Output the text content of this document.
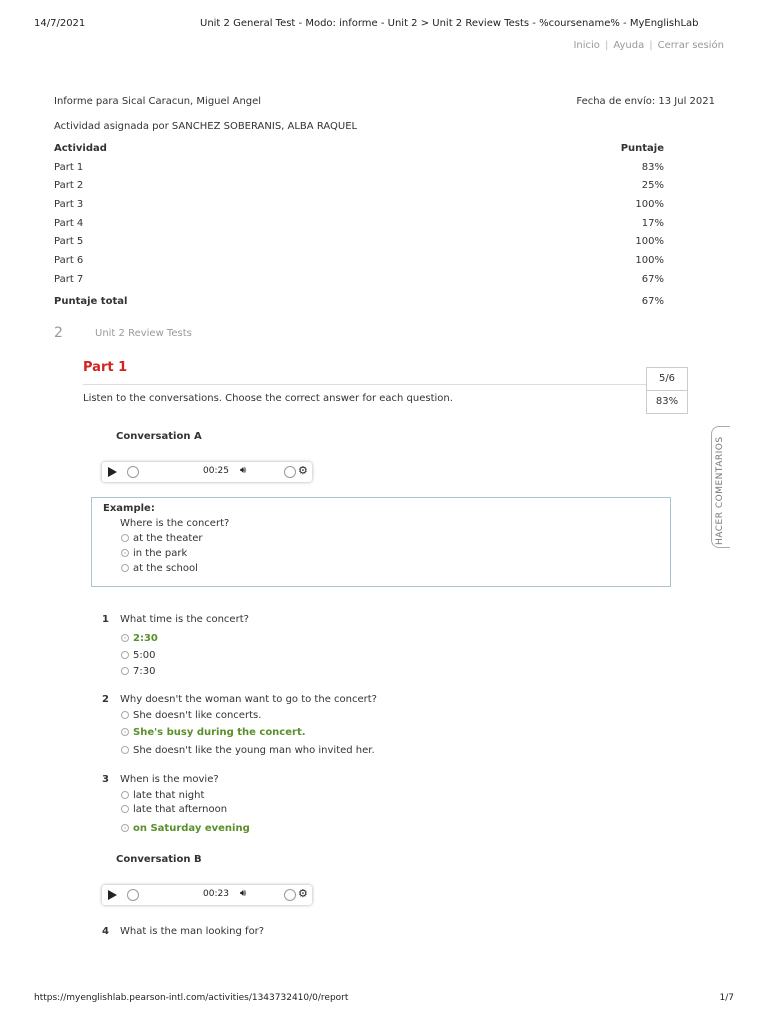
14/7/2021	Unit 2 General Test - Modo: informe - Unit 2 > Unit 2 Review Tests - %coursename% - MyEnglishLab
Inicio | Ayuda | Cerrar sesión
Informe para Sical Caracun, Miguel Angel	Fecha de envío: 13 Jul 2021
Actividad asignada por SANCHEZ SOBERANIS, ALBA RAQUEL
Actividad	Puntaje
Part 1	83%
Part 2	25%
Part 3	100%
Part 4	17%
Part 5	100%
Part 6	100%
Part 7	67%
Puntaje total	67%
2	Unit 2 Review Tests
Part 1
5/6
83%
Listen to the conversations. Choose the correct answer for each question.
HACER COMENTARIOS
Conversation A
00:25 🔊︎	⚙
Example:
Where is the concert?
at the theater
in the park
at the school
1 What time is the concert?
2:30
5:00
7:30
2 Why doesn't the woman want to go to the concert?
She doesn't like concerts.
She's busy during the concert.
She doesn't like the young man who invited her.
3 When is the movie?
late that night
late that afternoon
on Saturday evening
Conversation B
00:23 🔊︎	⚙
4 What is the man looking for?
https://myenglishlab.pearson-intl.com/activities/1343732410/0/report	1/7
